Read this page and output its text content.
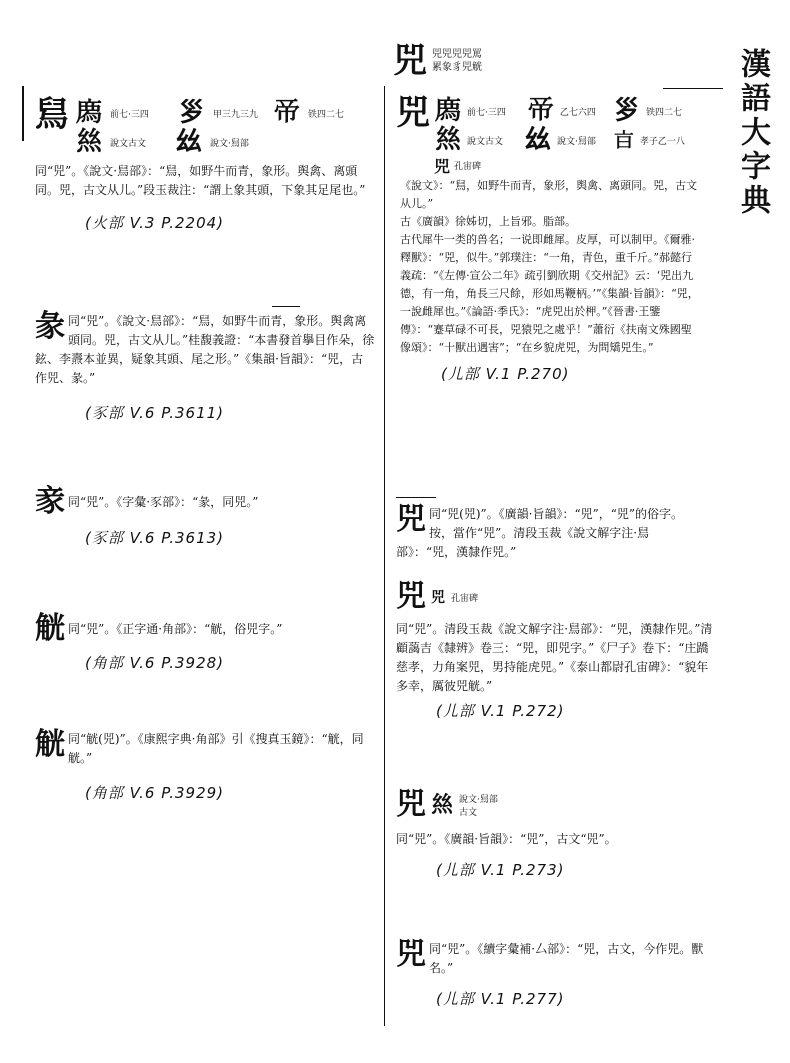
漢語大字典
兕 兕兕兕兕罵
累象豸兕觥
舃 𢊁 前七·三四 𡿪 甲三九三九 𢂇 铁四二七
𢇁 說文古文 𢆶 說文·舃部
同“兕”。《說文·舃部》：“舃，如野牛而青，象形。舆禽、离頭同。兕，古文从儿。”段玉裁注：“謂上象其頭，下象其足尾也。”
(火部 V.3 P.2204)
彖 同“兕”。《說文·舃部》：“舃，如野牛而青，象形。舆禽离頭同。兕，古文从儿。”桂馥義證：“本書發首擧目作朵，徐鉉、李燾本並異，疑象其頭、尾之形。”《集韻·旨韻》：“兕，古作兕、彖。”
(豕部 V.6 P.3611)
豙 同“兕”。《字彙·豕部》：“彖，同兕。”
(豕部 V.6 P.3613)
觥 同“兕”。《正字通·角部》：“觥，俗兕字。”
(角部 V.6 P.3928)
觥 同“觥(兕)”。《康熙字典·角部》引《搜真玉鏡》：“觥，同觥。”
(角部 V.6 P.3929)
兕 𢊁 前七·三四 𢂇 乙七六四 𡿪 铁四二七
𢇁 說文古文 𢆶 說文·舃部 𣅀 孝子乙一八
兕 孔宙碑
《說文》：“舃，如野牛而青，象形，舆禽、离頭同。兕，古文从儿。”
古《廣韻》徐姊切，上旨邪。脂部。
古代犀牛一类的兽名；一说即雌犀。皮厚，可以制甲。《爾雅·釋獸》：“兕，似牛。”郭璞注：“一角，青色，重千斤。”郝懿行義疏：“《左傳·宣公二年》疏引劉欣期《交州記》云：‘兕出九德，有一角，角長三尺餘，形如馬鞭柄。’”《集韻·旨韻》：“兕，一說雌犀也。”《論語·季氏》：“虎兕出於柙。”《晉書·王鑒傳》：“蹇草碌不可長，兕猿兕之處乎！”蕭衍《扶南文殊國聖像頌》：“十獸出遇害”；“在乡貌虎兕，为問矯兕生。”
(儿部 V.1 P.270)
兕 同“兕(兕)”。《廣韻·旨韻》：“兕”，“兕”的俗字。按，當作“兕”。清段玉裁《說文解字注·舃部》：“兕，漢隸作兕。”
兕 兕 孔宙碑
同“兕”。清段玉裁《說文解字注·舃部》：“兕，漢隸作兕。”清顧藹吉《隸辨》卷三：“兕，即兕字。”《尸子》卷下：“庄蹻慈孝，力角案兕，男持能虎兕。”《泰山都尉孔宙碑》：“貌年多幸，厲彼兕觥。”
(儿部 V.1 P.272)
兕 𢇁 說文·舃部
古文
同“兕”。《廣韻·旨韻》：“兕”，古文“兕”。
(儿部 V.1 P.273)
兕 同“兕”。《續字彙補·厶部》：“兕，古文，今作兕。獸名。”
(儿部 V.1 P.277)
